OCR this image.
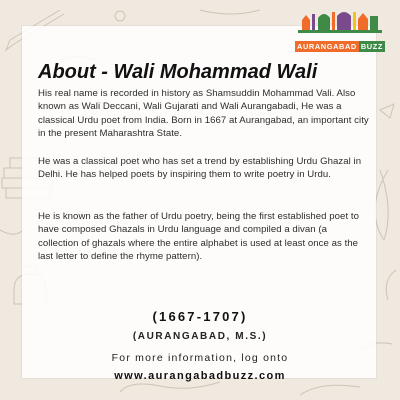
AURANGABAD BUZZ
About - Wali Mohammad Wali

His real name is recorded in history as Shamsuddin Mohammad Vali. Also known as Wali Deccani, Wali Gujarati and Wali Aurangabadi, He was a classical Urdu poet from India. Born in 1667 at Aurangabad, an important city in the present Maharashtra State.

He was a classical poet who has set a trend by establishing Urdu Ghazal in Delhi. He has helped poets by inspiring them to write poetry in Urdu.

He is known as the father of Urdu poetry, being the first established poet to have composed Ghazals in Urdu language and compiled a divan (a collection of ghazals where the entire alphabet is used at least once as the last letter to define the rhyme pattern).

(1667-1707)
(AURANGABAD, M.S.)
For more information, log onto
www.aurangabadbuzz.com
